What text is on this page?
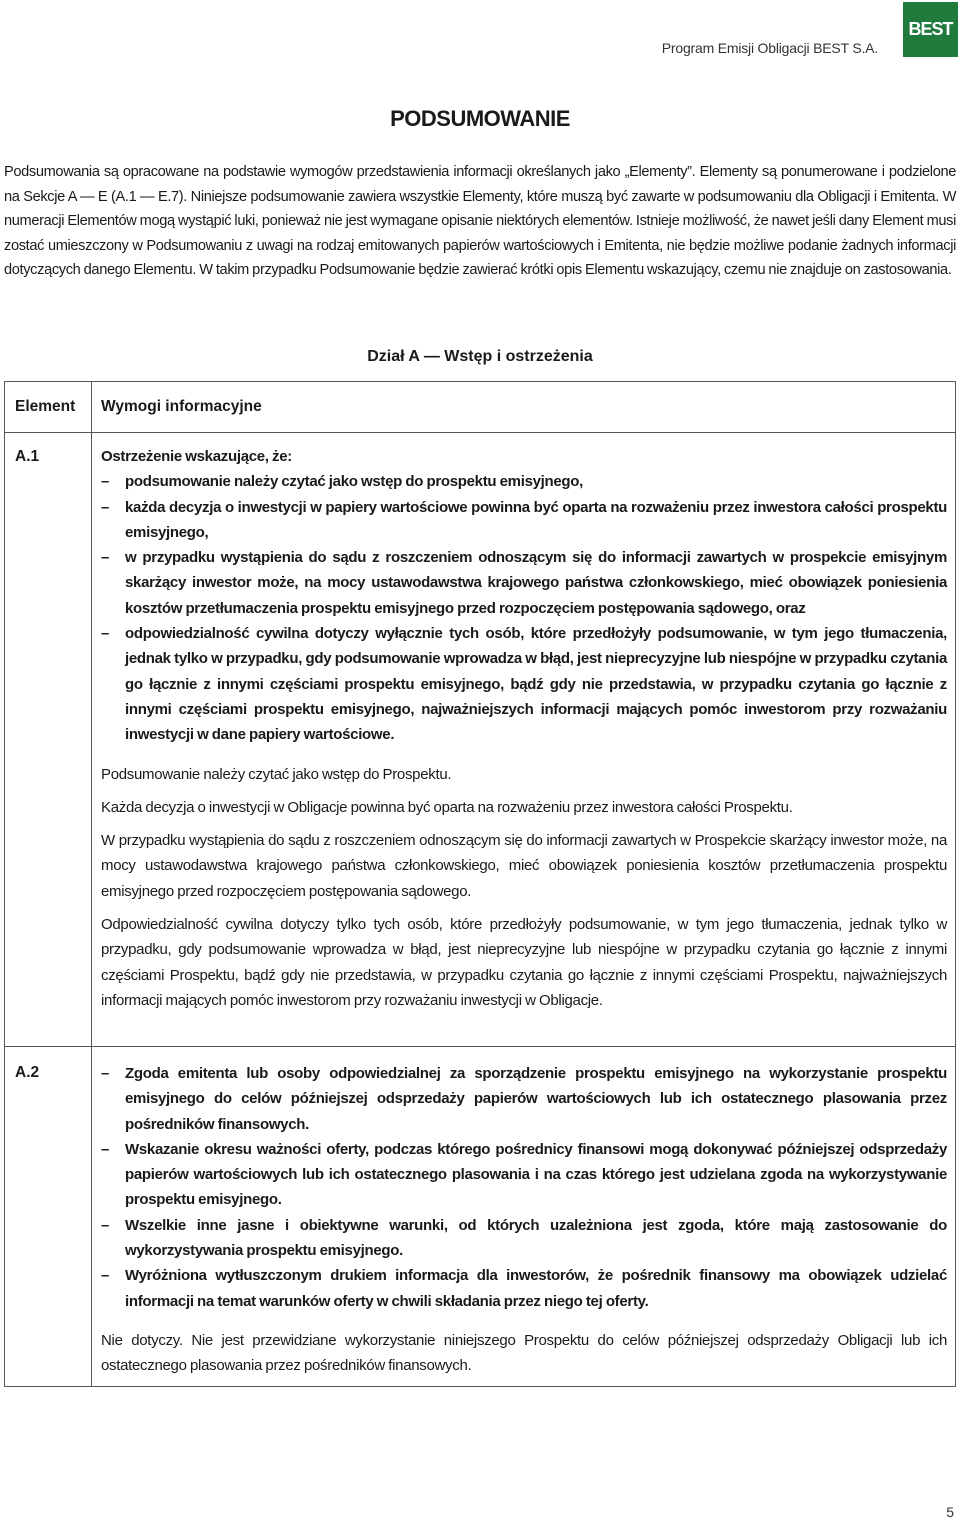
Program Emisji Obligacji BEST S.A.
BEST
PODSUMOWANIE
Podsumowania są opracowane na podstawie wymogów przedstawienia informacji określanych jako „Elementy”. Elementy są ponumerowane i podzielone na Sekcje A — E (A.1 — E.7). Niniejsze podsumowanie zawiera wszystkie Elementy, które muszą być zawarte w podsumowaniu dla Obligacji i Emitenta. W numeracji Elementów mogą wystąpić luki, ponieważ nie jest wymagane opisanie niektórych elementów. Istnieje możliwość, że nawet jeśli dany Element musi zostać umieszczony w Podsumowaniu z uwagi na rodzaj emitowanych papierów wartościowych i Emitenta, nie będzie możliwe podanie żadnych informacji dotyczących danego Elementu. W takim przypadku Podsumowanie będzie zawierać krótki opis Elementu wskazujący, czemu nie znajduje on zastosowania.
Dział A — Wstęp i ostrzeżenia
Element Wymogi informacyjne
A.1	Ostrzeżenie wskazujące, że:

– podsumowanie należy czytać jako wstęp do prospektu emisyjnego,

– każda decyzja o inwestycji w papiery wartościowe powinna być oparta na rozważeniu przez inwestora całości prospektu emisyjnego,

– w przypadku wystąpienia do sądu z roszczeniem odnoszącym się do informacji zawartych w prospekcie emisyjnym skarżący inwestor może, na mocy ustawodawstwa krajowego państwa członkowskiego, mieć obowiązek poniesienia kosztów przetłumaczenia prospektu emisyjnego przed rozpoczęciem postępowania sądowego, oraz

– odpowiedzialność cywilna dotyczy wyłącznie tych osób, które przedłożyły podsumowanie, w tym jego tłumaczenia, jednak tylko w przypadku, gdy podsumowanie wprowadza w błąd, jest nieprecyzyjne lub niespójne w przypadku czytania go łącznie z innymi częściami prospektu emisyjnego, bądź gdy nie przedstawia, w przypadku czytania go łącznie z innymi częściami prospektu emisyjnego, najważniejszych informacji mających pomóc inwestorom przy rozważaniu inwestycji w dane papiery wartościowe.

Podsumowanie należy czytać jako wstęp do Prospektu.

Każda decyzja o inwestycji w Obligacje powinna być oparta na rozważeniu przez inwestora całości Prospektu.

W przypadku wystąpienia do sądu z roszczeniem odnoszącym się do informacji zawartych w Prospekcie skarżący inwestor może, na mocy ustawodawstwa krajowego państwa członkowskiego, mieć obowiązek poniesienia kosztów przetłumaczenia prospektu emisyjnego przed rozpoczęciem postępowania sądowego.

Odpowiedzialność cywilna dotyczy tylko tych osób, które przedłożyły podsumowanie, w tym jego tłumaczenia, jednak tylko w przypadku, gdy podsumowanie wprowadza w błąd, jest nieprecyzyjne lub niespójne w przypadku czytania go łącznie z innymi częściami Prospektu, bądź gdy nie przedstawia, w przypadku czytania go łącznie z innymi częściami Prospektu, najważniejszych informacji mających pomóc inwestorom przy rozważaniu inwestycji w Obligacje.

A.2	– Zgoda emitenta lub osoby odpowiedzialnej za sporządzenie prospektu emisyjnego na wykorzystanie prospektu emisyjnego do celów późniejszej odsprzedaży papierów wartościowych lub ich ostatecznego plasowania przez pośredników finansowych.

– Wskazanie okresu ważności oferty, podczas którego pośrednicy finansowi mogą dokonywać późniejszej odsprzedaży papierów wartościowych lub ich ostatecznego plasowania i na czas którego jest udzielana zgoda na wykorzystywanie prospektu emisyjnego.

– Wszelkie inne jasne i obiektywne warunki, od których uzależniona jest zgoda, które mają zastosowanie do wykorzystywania prospektu emisyjnego.

– Wyróżniona wytłuszczonym drukiem informacja dla inwestorów, że pośrednik finansowy ma obowiązek udzielać informacji na temat warunków oferty w chwili składania przez niego tej oferty.

Nie dotyczy. Nie jest przewidziane wykorzystanie niniejszego Prospektu do celów późniejszej odsprzedaży Obligacji lub ich ostatecznego plasowania przez pośredników finansowych.

5
